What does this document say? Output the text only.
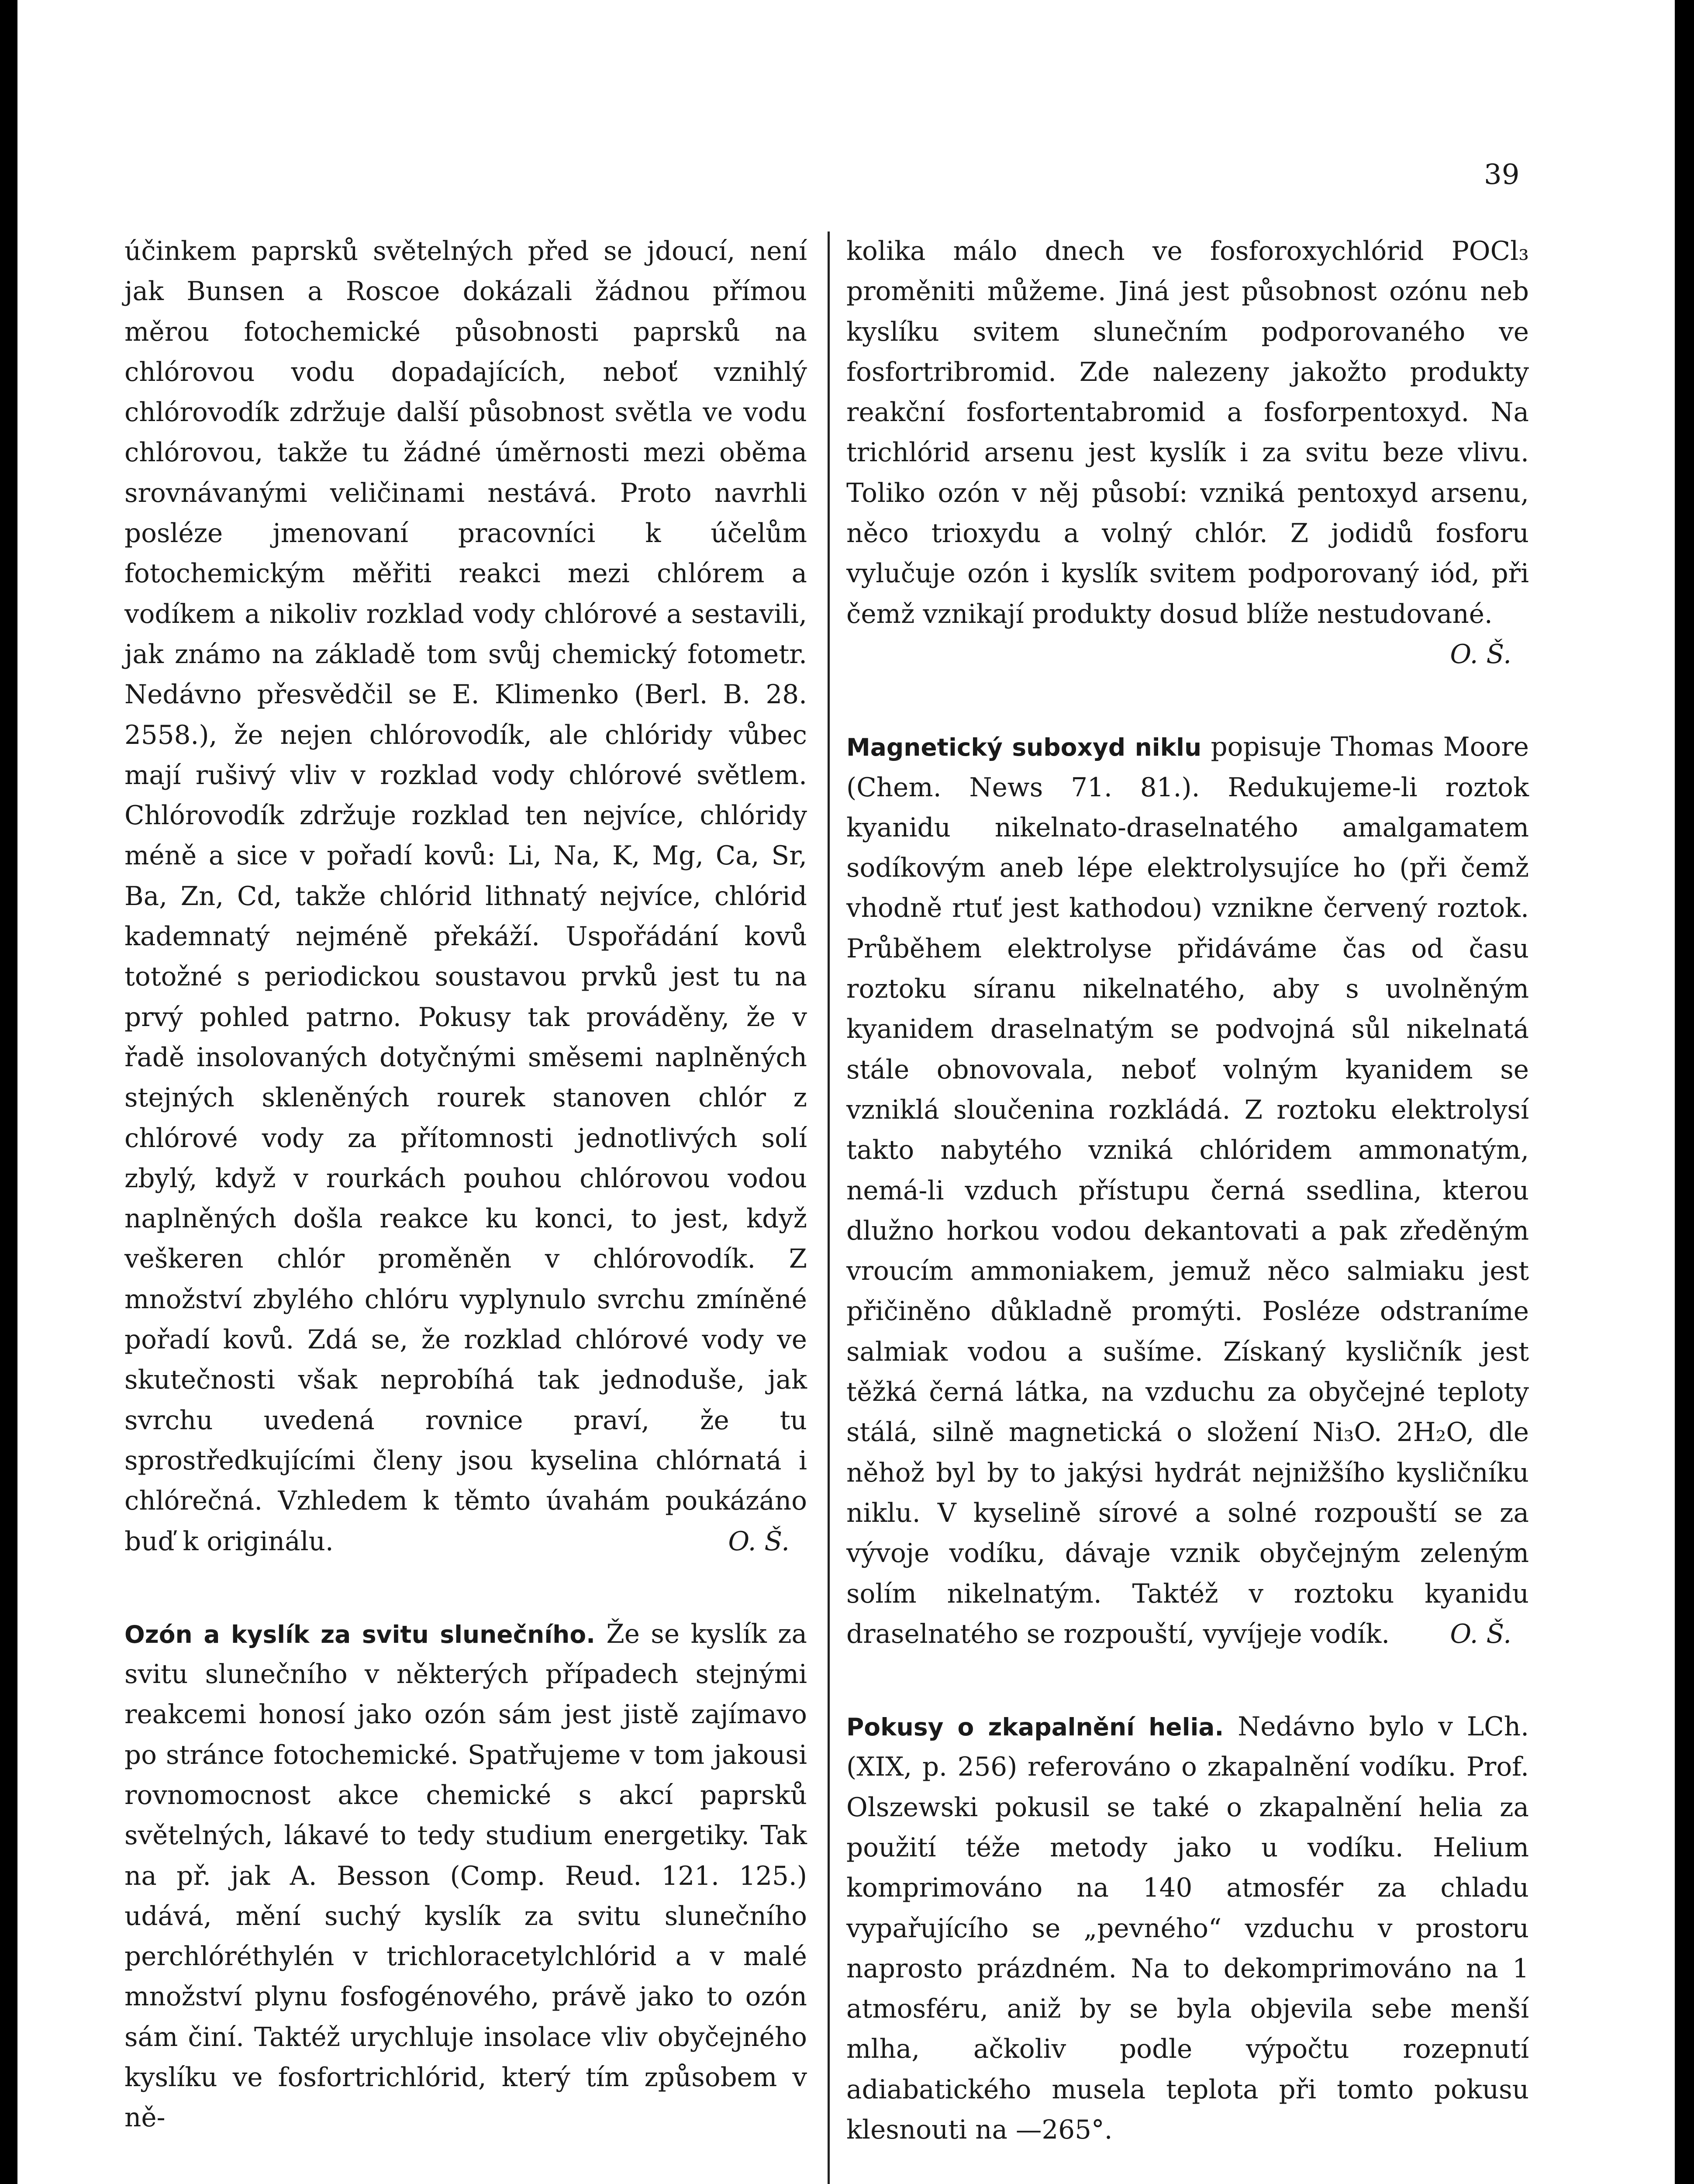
39

účinkem paprsků světelných před se jdoucí, není jak Bunsen a Roscoe dokázali žádnou přímou měrou fotochemické působnosti paprsků na chlórovou vodu dopadajících, neboť vznihlý chlórovodík zdržuje další působnost světla ve vodu chlórovou, takže tu žádné úměrnosti mezi oběma srovnávanými veličinami nestává. Proto navrhli posléze jmenovaní pracovníci k účelům fotochemickým měřiti reakci mezi chlórem a vodíkem a nikoliv rozklad vody chlórové a sestavili, jak známo na základě tom svůj chemický fotometr. Nedávno přesvědčil se E. Klimenko (Berl. B. 28. 2558.), že nejen chlórovodík, ale chlóridy vůbec mají rušivý vliv v rozklad vody chlórové světlem. Chlórovodík zdržuje rozklad ten nejvíce, chlóridy méně a sice v pořadí kovů: Li, Na, K, Mg, Ca, Sr, Ba, Zn, Cd, takže chlórid lithnatý nejvíce, chlórid kademnatý nejméně překáží. Uspořádání kovů totožné s periodickou soustavou prvků jest tu na prvý pohled patrno. Pokusy tak prováděny, že v řadě insolovaných dotyčnými směsemi naplněných stejných skleněných rourek stanoven chlór z chlórové vody za přítomnosti jednotlivých solí zbylý, když v rourkách pouhou chlórovou vodou naplněných došla reakce ku konci, to jest, když veškeren chlór proměněn v chlórovodík. Z množství zbylého chlóru vyplynulo svrchu zmíněné pořadí kovů. Zdá se, že rozklad chlórové vody ve skutečnosti však neprobíhá tak jednoduše, jak svrchu uvedená rovnice praví, že tu sprostředkujícími členy jsou kyselina chlórnatá i chlórečná. Vzhledem k těmto úvahám poukázáno buď k originálu.	O. Š.

Ozón a kyslík za svitu slunečního. Že se kyslík za svitu slunečního v některých případech stejnými reakcemi honosí jako ozón sám jest jistě zajímavo po stránce fotochemické. Spatřujeme v tom jakousi rovnomocnost akce chemické s akcí paprsků světelných, lákavé to tedy studium energetiky. Tak na př. jak A. Besson (Comp. Reud. 121. 125.) udává, mění suchý kyslík za svitu slunečního perchlóréthylén v trichloracetylchlórid a v malé množství plynu fosfogénového, právě jako to ozón sám činí. Taktéž urychluje insolace vliv obyčejného kyslíku ve fosfortrichlórid, který tím způsobem v ně-

kolika málo dnech ve fosforoxychlórid POCl₃ proměniti můžeme. Jiná jest působnost ozónu neb kyslíku svitem slunečním podporovaného ve fosfortribromid. Zde nalezeny jakožto produkty reakční fosfortentabromid a fosforpentoxyd. Na trichlórid arsenu jest kyslík i za svitu beze vlivu. Toliko ozón v něj působí: vzniká pentoxyd arsenu, něco trioxydu a volný chlór. Z jodidů fosforu vylučuje ozón i kyslík svitem podporovaný iód, při čemž vznikají produkty dosud blíže nestudované.
O. Š.

Magnetický suboxyd niklu popisuje Thomas Moore (Chem. News 71. 81.). Redukujeme-li roztok kyanidu nikelnato-draselnatého amalgamatem sodíkovým aneb lépe elektrolysujíce ho (při čemž vhodně rtuť jest kathodou) vznikne červený roztok. Průběhem elektrolyse přidáváme čas od času roztoku síranu nikelnatého, aby s uvolněným kyanidem draselnatým se podvojná sůl nikelnatá stále obnovovala, neboť volným kyanidem se vzniklá sloučenina rozkládá. Z roztoku elektrolysí takto nabytého vzniká chlóridem ammonatým, nemá-li vzduch přístupu černá ssedlina, kterou dlužno horkou vodou dekantovati a pak zředěným vroucím ammoniakem, jemuž něco salmiaku jest přičiněno důkladně promýti. Posléze odstraníme salmiak vodou a sušíme. Získaný kysličník jest těžká černá látka, na vzduchu za obyčejné teploty stálá, silně magnetická o složení Ni₃O. 2H₂O, dle něhož byl by to jakýsi hydrát nejnižšího kysličníku niklu. V kyselině sírové a solné rozpouští se za vývoje vodíku, dávaje vznik obyčejným zeleným solím nikelnatým. Taktéž v roztoku kyanidu draselnatého se rozpouští, vyvíjeje vodík. O. Š.

Pokusy o zkapalnění helia. Nedávno bylo v LCh. (XIX, p. 256) referováno o zkapalnění vodíku. Prof. Olszewski pokusil se také o zkapalnění helia za použití téže metody jako u vodíku. Helium komprimováno na 140 atmosfér za chladu vypařujícího se „pevného“ vzduchu v prostoru naprosto prázdném. Na to dekomprimováno na 1 atmosféru, aniž by se byla objevila sebe menší mlha, ačkoliv podle výpočtu rozepnutí adiabatického musela teplota při tomto pokusu klesnouti na —265°.
